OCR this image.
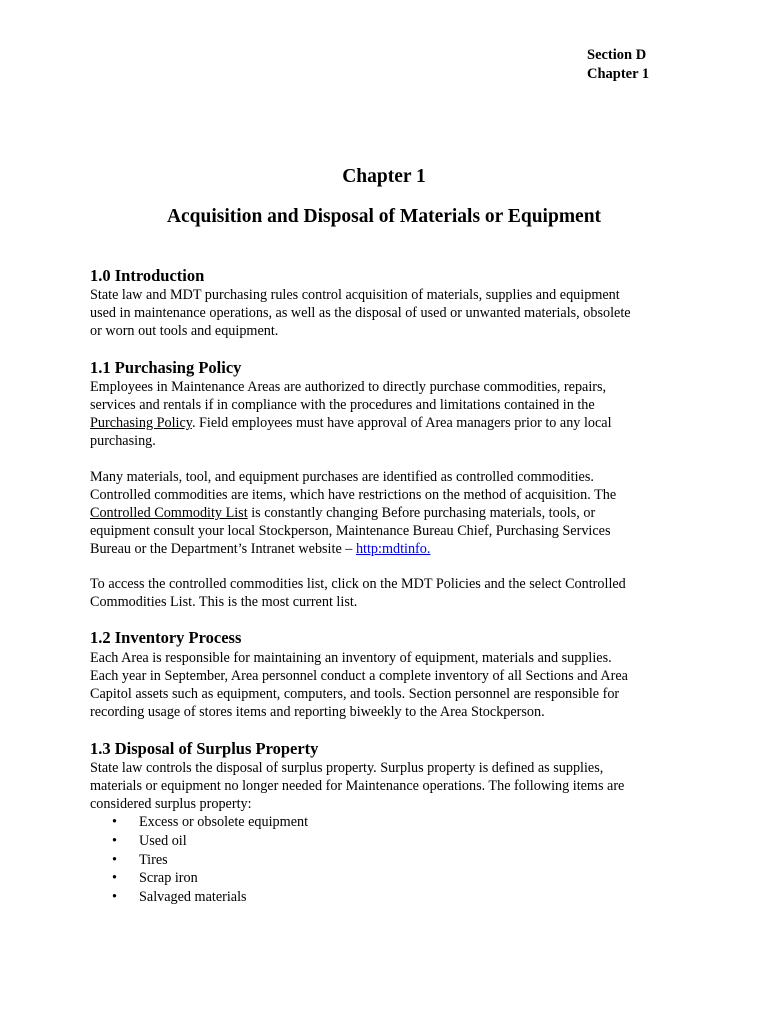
Section D
Chapter 1
Chapter 1
Acquisition and Disposal of Materials or Equipment
1.0 Introduction
State law and MDT purchasing rules control acquisition of materials, supplies and equipment
used in maintenance operations, as well as the disposal of used or unwanted materials, obsolete
or worn out tools and equipment.
1.1 Purchasing Policy
Employees in Maintenance Areas are authorized to directly purchase commodities, repairs,
services and rentals if in compliance with the procedures and limitations contained in the
Purchasing Policy. Field employees must have approval of Area managers prior to any local
purchasing.
Many materials, tool, and equipment purchases are identified as controlled commodities.
Controlled commodities are items, which have restrictions on the method of acquisition. The
Controlled Commodity List is constantly changing Before purchasing materials, tools, or
equipment consult your local Stockperson, Maintenance Bureau Chief, Purchasing Services
Bureau or the Department’s Intranet website – http:mdtinfo.
To access the controlled commodities list, click on the MDT Policies and the select Controlled
Commodities List. This is the most current list.
1.2 Inventory Process
Each Area is responsible for maintaining an inventory of equipment, materials and supplies.
Each year in September, Area personnel conduct a complete inventory of all Sections and Area
Capitol assets such as equipment, computers, and tools. Section personnel are responsible for
recording usage of stores items and reporting biweekly to the Area Stockperson.
1.3 Disposal of Surplus Property
State law controls the disposal of surplus property. Surplus property is defined as supplies,
materials or equipment no longer needed for Maintenance operations. The following items are
considered surplus property:
• Excess or obsolete equipment
• Used oil
• Tires
• Scrap iron
• Salvaged materials
